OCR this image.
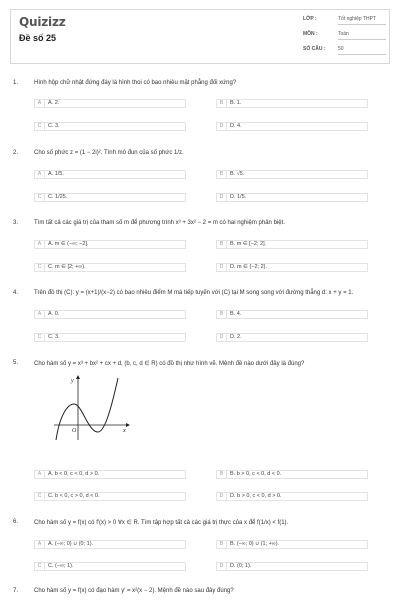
Quizizz
Đề số 25
LỚP :	Tốt nghiệp THPT
MÔN :	Toán
SỐ CÂU :	50
1.	Hình hộp chữ nhật đứng đáy là hình thoi có bao nhiêu mặt phẳng đối xứng?
A	A. 2.	B	B. 1.
C	C. 3.	D	D. 4.
2.	Cho số phức z = (1 − 2i)². Tính mô đun của số phức 1/z.
A	A. 1/5.	B	B. √5.
C	C. 1/25.	D	D. 1/5.
3.	Tìm tất cả các giá trị của tham số m để phương trình x³ + 3x² − 2 = m có hai nghiệm phân biệt.
A	A. m ∈ (−∞; −2].	B	B. m ∈ [−2; 2].
C	C. m ∈ [2; +∞).	D	D. m ∈ {−2; 2}.
4.	Trên đồ thị (C): y = (x+1)/(x−2) có bao nhiêu điểm M mà tiếp tuyến với (C) tại M song song với đường thẳng d: x + y = 1.
A	A. 0.	B	B. 4.
C	C. 3.	D	D. 2.
5.	Cho hàm số y = x³ + bx² + cx + d, (b, c, d ∈ R) có đồ thị như hình vẽ. Mệnh đề nào dưới đây là đúng?
y
x
O
A	A. b < 0, c < 0, d > 0.	B	B. b > 0, c < 0, d < 0.
C	C. b < 0, c > 0, d < 0.	D	D. b > 0, c < 0, d > 0.
6.	Cho hàm số y = f(x) có f′(x) > 0 ∀x ∈ R. Tìm tập hợp tất cả các giá trị thực của x để f(1/x) < f(1).
A	A. (−∞; 0) ∪ (0; 1).	B	B. (−∞; 0) ∪ (1; +∞).
C	C. (−∞; 1).	D	D. (0; 1).
7.	Cho hàm số y = f(x) có đạo hàm y′ = x²(x − 2). Mệnh đề nào sau đây đúng?
